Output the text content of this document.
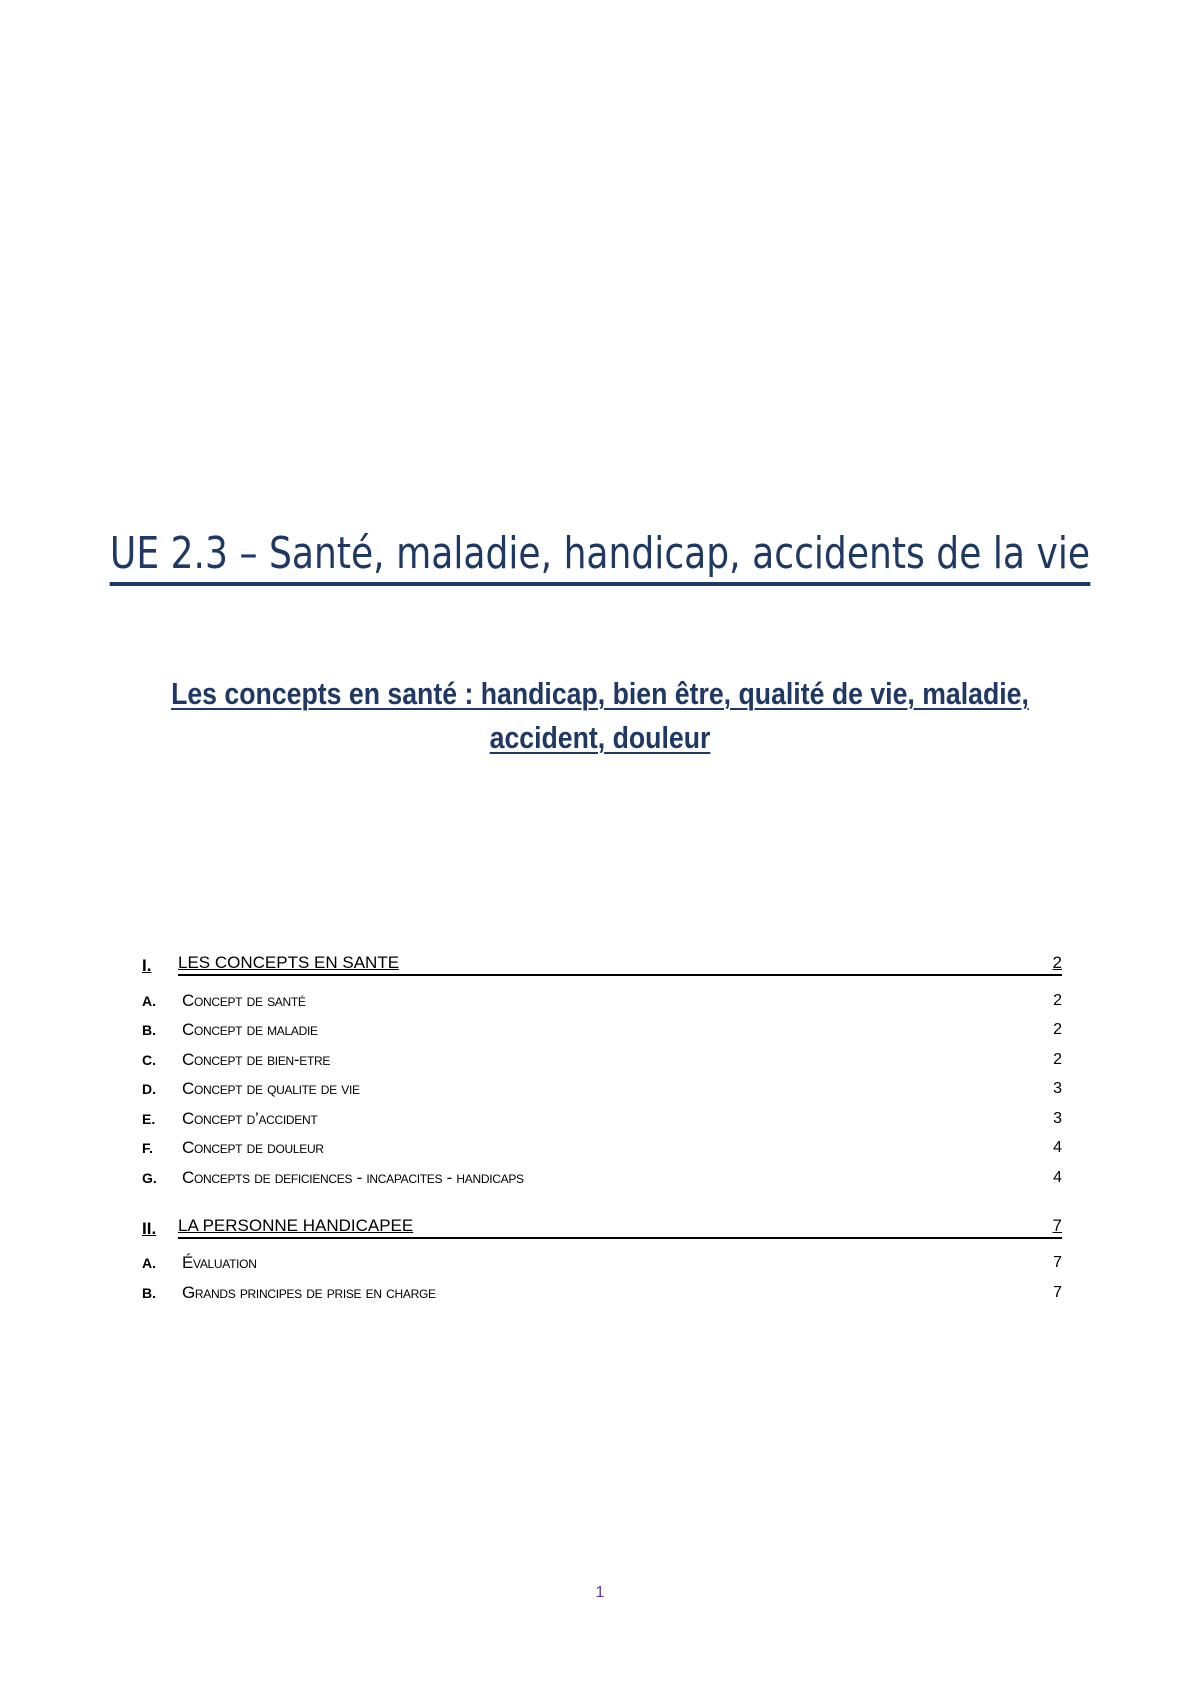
UE 2.3 – Santé, maladie, handicap, accidents de la vie
Les concepts en santé : handicap, bien être, qualité de vie, maladie,
accident, douleur
I.	LES CONCEPTS EN SANTE	2
A.	Concept de santé	2
B.	Concept de maladie	2
C.	Concept de bien-etre	2
D.	Concept de qualite de vie	3
E.	Concept d’accident	3
F.	Concept de douleur	4
G.	Concepts de deficiences - incapacites - handicaps	4
II.	LA PERSONNE HANDICAPEE	7
A.	Évaluation	7
B.	Grands principes de prise en charge	7
1
